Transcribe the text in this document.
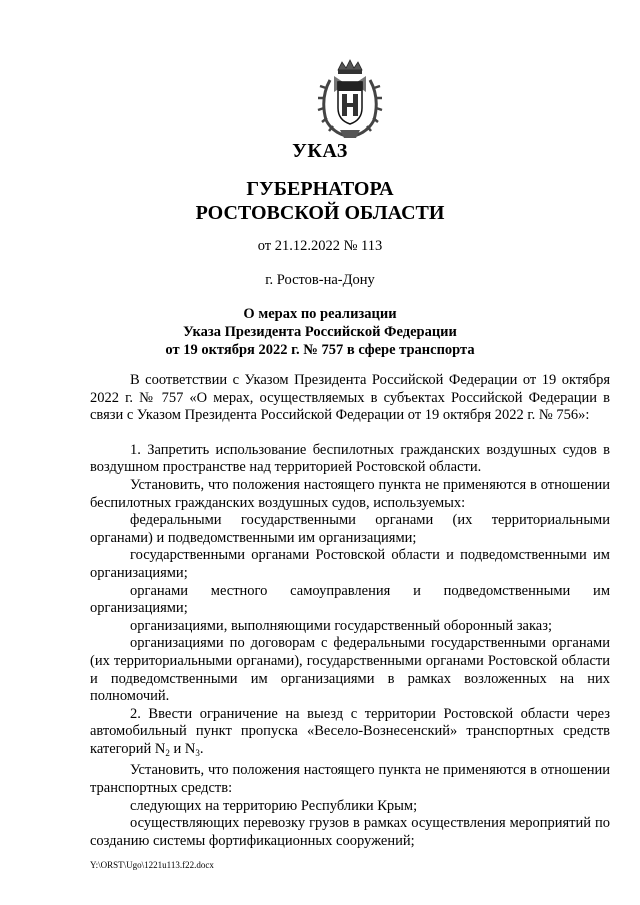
УКАЗ
ГУБЕРНАТОРА
РОСТОВСКОЙ ОБЛАСТИ
от 21.12.2022 № 113
г. Ростов-на-Дону
О мерах по реализации
Указа Президента Российской Федерации
от 19 октября 2022 г. № 757 в сфере транспорта

В соответствии с Указом Президента Российской Федерации от 19 октября 2022 г. № 757 «О мерах, осуществляемых в субъектах Российской Федерации в связи с Указом Президента Российской Федерации от 19 октября 2022 г. № 756»:

1. Запретить использование беспилотных гражданских воздушных судов в воздушном пространстве над территорией Ростовской области.

Установить, что положения настоящего пункта не применяются в отношении беспилотных гражданских воздушных судов, используемых:

федеральными государственными органами (их территориальными органами) и подведомственными им организациями;

государственными органами Ростовской области и подведомственными им организациями;

органами местного самоуправления и подведомственными им организациями;

организациями, выполняющими государственный оборонный заказ;

организациями по договорам с федеральными государственными органами (их территориальными органами), государственными органами Ростовской области и подведомственными им организациями в рамках возложенных на них полномочий.

2. Ввести ограничение на выезд с территории Ростовской области через автомобильный пункт пропуска «Весело-Вознесенский» транспортных средств категорий $N_2$ и $N_3$.

Установить, что положения настоящего пункта не применяются в отношении транспортных средств:

следующих на территорию Республики Крым;

осуществляющих перевозку грузов в рамках осуществления мероприятий по созданию системы фортификационных сооружений;

Y:\ORST\Ugo\1221u113.f22.docx
